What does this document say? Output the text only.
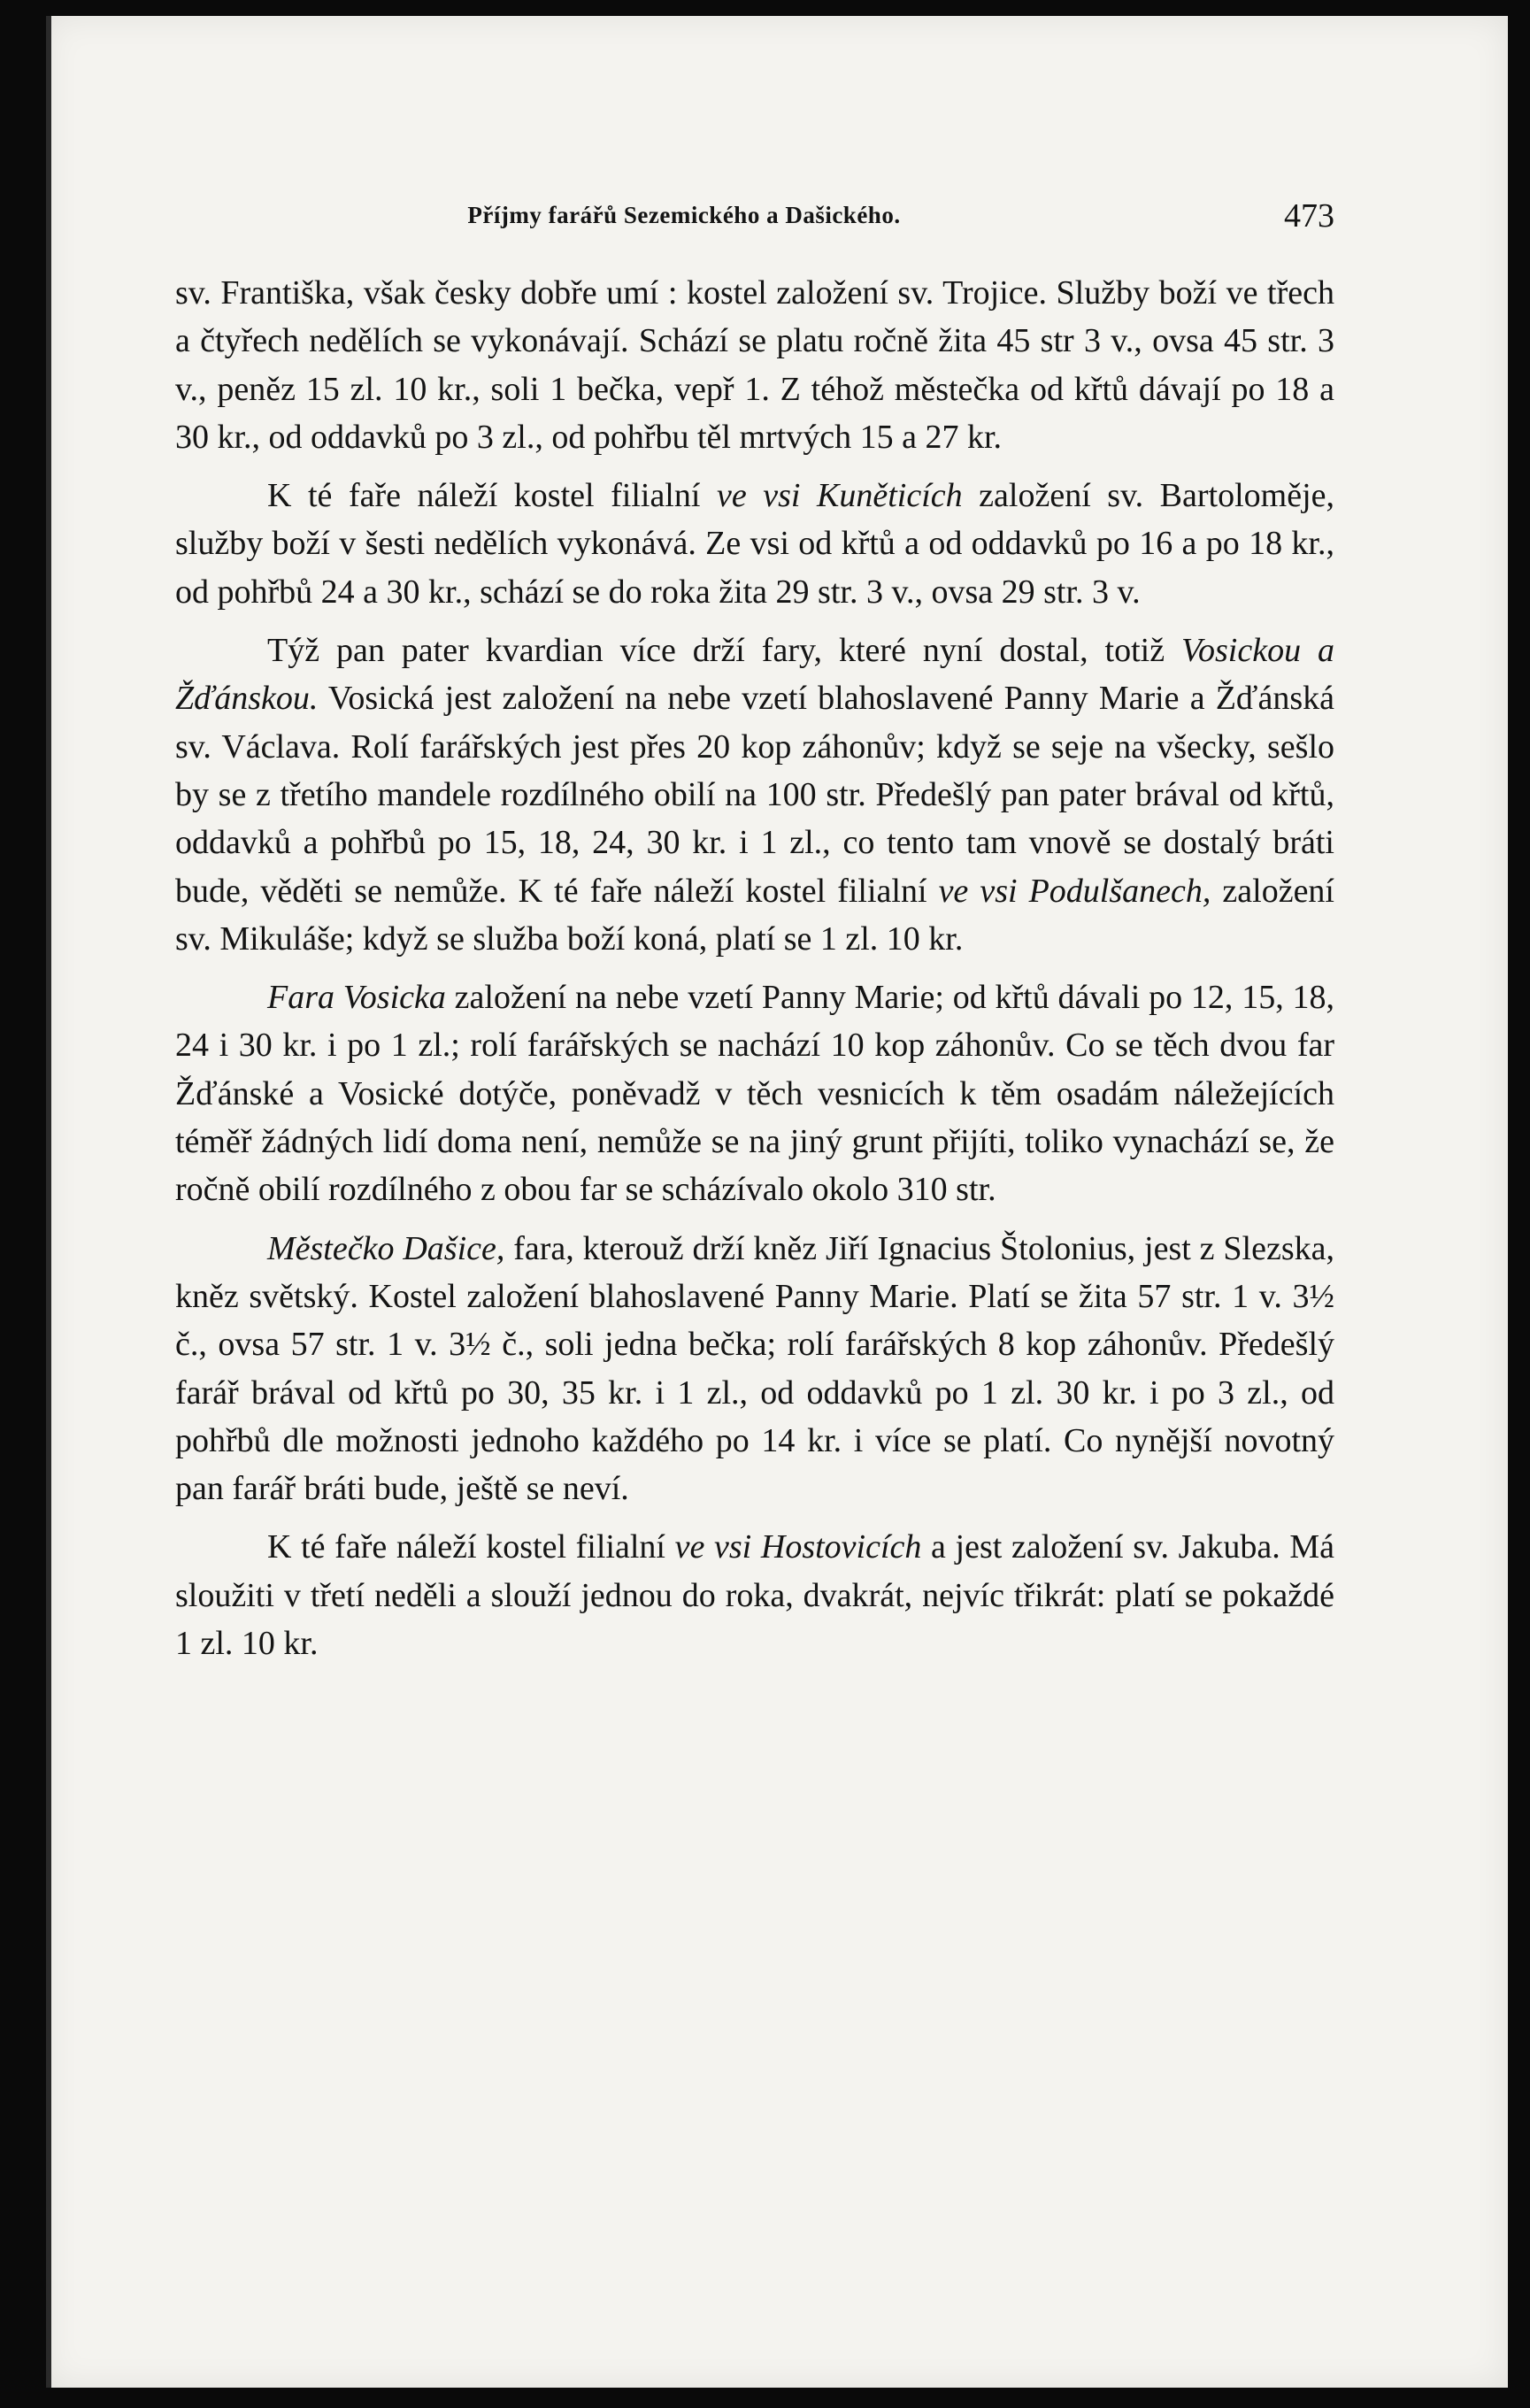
Příjmy farářů Sezemického a Dašického.	473

sv. Františka, však česky dobře umí : kostel založení sv. Trojice. Služby boží ve třech a čtyřech nedělích se vykonávají. Schází se platu ročně žita 45 str 3 v., ovsa 45 str. 3 v., peněz 15 zl. 10 kr., soli 1 bečka, vepř 1. Z téhož městečka od křtů dávají po 18 a 30 kr., od oddavků po 3 zl., od pohřbu těl mrtvých 15 a 27 kr.

K té faře náleží kostel filialní ve vsi Kuněticích založení sv. Bartoloměje, služby boží v šesti nedělích vykonává. Ze vsi od křtů a od oddavků po 16 a po 18 kr., od pohřbů 24 a 30 kr., schází se do roka žita 29 str. 3 v., ovsa 29 str. 3 v.

Týž pan pater kvardian více drží fary, které nyní dostal, totiž Vosickou a Žďánskou. Vosická jest založení na nebe vzetí blahoslavené Panny Marie a Žďánská sv. Václava. Rolí farářských jest přes 20 kop záhonův; když se seje na všecky, sešlo by se z třetího mandele rozdílného obilí na 100 str. Předešlý pan pater brával od křtů, oddavků a pohřbů po 15, 18, 24, 30 kr. i 1 zl., co tento tam vnově se dostalý bráti bude, věděti se nemůže. K té faře náleží kostel filialní ve vsi Podulšanech, založení sv. Mikuláše; když se služba boží koná, platí se 1 zl. 10 kr.

Fara Vosicka založení na nebe vzetí Panny Marie; od křtů dávali po 12, 15, 18, 24 i 30 kr. i po 1 zl.; rolí farářských se nachází 10 kop záhonův. Co se těch dvou far Žďánské a Vosické dotýče, poněvadž v těch vesnicích k těm osadám náležejících téměř žádných lidí doma není, nemůže se na jiný grunt přijíti, toliko vynachází se, že ročně obilí rozdílného z obou far se scházívalo okolo 310 str.

Městečko Dašice, fara, kterouž drží kněz Jiří Ignacius Štolonius, jest z Slezska, kněz světský. Kostel založení blahoslavené Panny Marie. Platí se žita 57 str. 1 v. 3½ č., ovsa 57 str. 1 v. 3½ č., soli jedna bečka; rolí farářských 8 kop záhonův. Předešlý farář brával od křtů po 30, 35 kr. i 1 zl., od oddavků po 1 zl. 30 kr. i po 3 zl., od pohřbů dle možnosti jednoho každého po 14 kr. i více se platí. Co nynější novotný pan farář bráti bude, ještě se neví.

K té faře náleží kostel filialní ve vsi Hostovicích a jest založení sv. Jakuba. Má sloužiti v třetí neděli a slouží jednou do roka, dvakrát, nejvíc třikrát: platí se pokaždé 1 zl. 10 kr.
